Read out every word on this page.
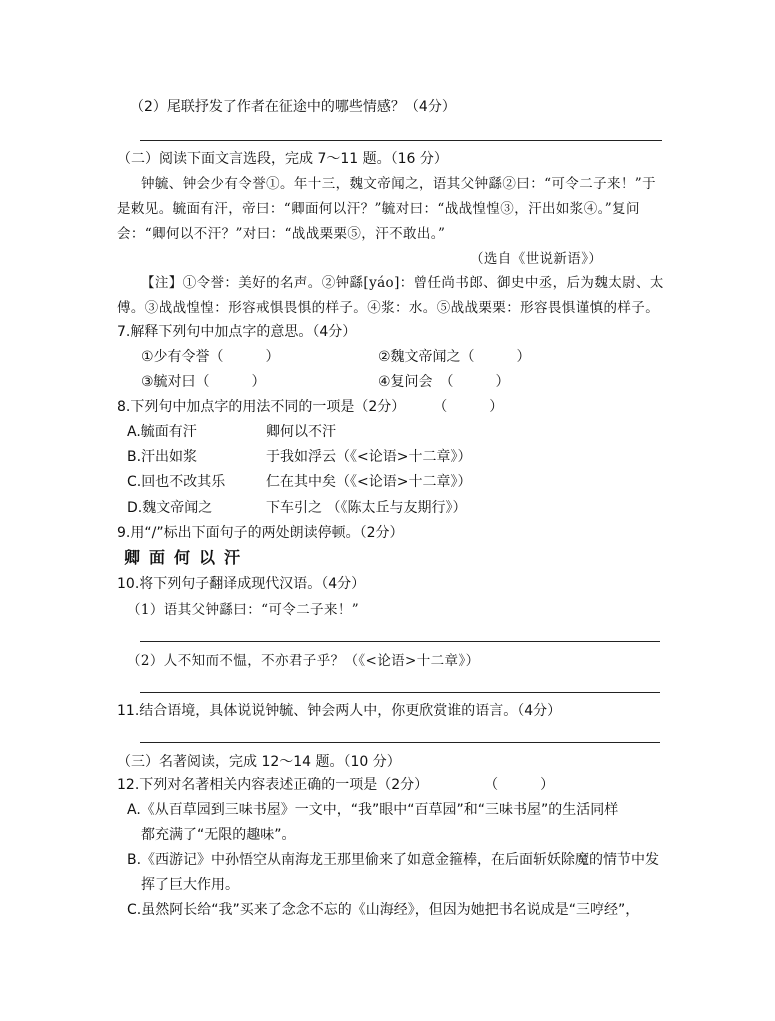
（2）尾联抒发了作者在征途中的哪些情感？（4分）
（二）阅读下面文言选段，完成 7～11 题。（16 分）
钟毓、钟会少有令誉①。年十三，魏文帝闻之，语其父钟繇②曰：“可令二子来！”于
是敕见。毓面有汗，帝曰：“卿面何以汗？”毓对曰：“战战惶惶③，汗出如浆④。”复问
会：“卿何以不汗？”对曰：“战战栗栗⑤，汗不敢出。”
（选自《世说新语》）
【注】①令誉：美好的名声。②钟繇[yáo]：曾任尚书郎、御史中丞，后为魏太尉、太
傅。③战战惶惶：形容戒惧畏惧的样子。④浆：水。⑤战战栗栗：形容畏惧谨慎的样子。
7.解释下列句中加点字的意思。（4分）
①少有令誉（　　　）	②魏文帝闻之（　　　）
③毓对曰（　　　）	④复问会　（　　　）
8.下列句中加点字的用法不同的一项是（2分）　　　（　　　）
A.毓面有汗	卿何以不汗
B.汗出如浆	于我如浮云（《<论语>十二章》）
C.回也不改其乐	仁在其中矣（《<论语>十二章》）
D.魏文帝闻之	下车引之 （《陈太丘与友期行》）
9.用“/”标出下面句子的两处朗读停顿。（2分）
卿面何以汗
10.将下列句子翻译成现代汉语。（4分）
（1）语其父钟繇曰：“可令二子来！”
（2）人不知而不愠，不亦君子乎？（《<论语>十二章》）
11.结合语境，具体说说钟毓、钟会两人中，你更欣赏谁的语言。（4分）
（三）名著阅读，完成 12～14 题。（10 分）
12.下列对名著相关内容表述正确的一项是（2分）　　　　　（　　　）
A.《从百草园到三味书屋》一文中，“我”眼中“百草园”和“三味书屋”的生活同样
都充满了“无限的趣味”。
B.《西游记》中孙悟空从南海龙王那里偷来了如意金箍棒，在后面斩妖除魔的情节中发
挥了巨大作用。
C.虽然阿长给“我”买来了念念不忘的《山海经》，但因为她把书名说成是“三哼经”，
